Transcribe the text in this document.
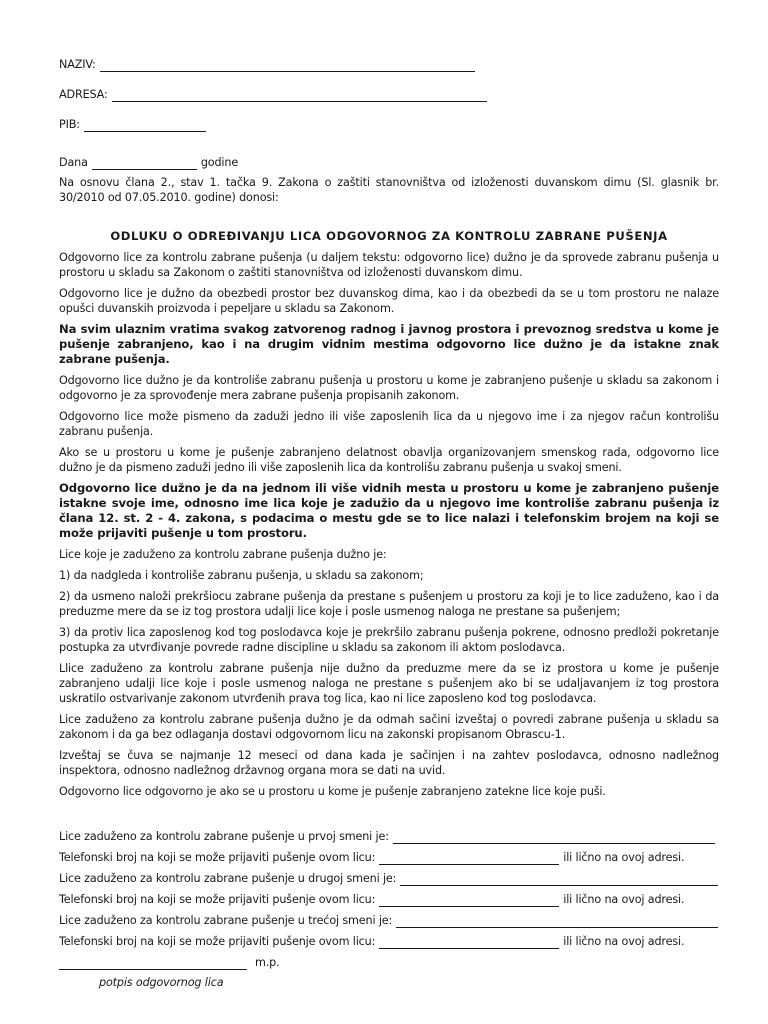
NAZIV:
ADRESA:
PIB:
Dana	godine

Na osnovu člana 2., stav 1. tačka 9. Zakona o zaštiti stanovništva od izloženosti duvanskom dimu (Sl. glasnik br. 30/2010 od 07.05.2010. godine) donosi:

ODLUKU O ODREĐIVANJU LICA ODGOVORNOG ZA KONTROLU ZABRANE PUŠENJA

Odgovorno lice za kontrolu zabrane pušenja (u daljem tekstu: odgovorno lice) dužno je da sprovede zabranu pušenja u prostoru u skladu sa Zakonom o zaštiti stanovništva od izloženosti duvanskom dimu.

Odgovorno lice je dužno da obezbedi prostor bez duvanskog dima, kao i da obezbedi da se u tom prostoru ne nalaze opušci duvanskih proizvoda i pepeljare u skladu sa Zakonom.

Na svim ulaznim vratima svakog zatvorenog radnog i javnog prostora i prevoznog sredstva u kome je pušenje zabranjeno, kao i na drugim vidnim mestima odgovorno lice dužno je da istakne znak zabrane pušenja.

Odgovorno lice dužno je da kontroliše zabranu pušenja u prostoru u kome je zabranjeno pušenje u skladu sa zakonom i odgovorno je za sprovođenje mera zabrane pušenja propisanih zakonom.

Odgovorno lice može pismeno da zaduži jedno ili više zaposlenih lica da u njegovo ime i za njegov račun kontrolišu zabranu pušenja.

Ako se u prostoru u kome je pušenje zabranjeno delatnost obavlja organizovanjem smenskog rada, odgovorno lice dužno je da pismeno zaduži jedno ili više zaposlenih lica da kontrolišu zabranu pušenja u svakoj smeni.

Odgovorno lice dužno je da na jednom ili više vidnih mesta u prostoru u kome je zabranjeno pušenje istakne svoje ime, odnosno ime lica koje je zadužio da u njegovo ime kontroliše zabranu pušenja iz člana 12. st. 2 - 4. zakona, s podacima o mestu gde se to lice nalazi i telefonskim brojem na koji se može prijaviti pušenje u tom prostoru.

Lice koje je zaduženo za kontrolu zabrane pušenja dužno je:

1) da nadgleda i kontroliše zabranu pušenja, u skladu sa zakonom;

2) da usmeno naloži prekršiocu zabrane pušenja da prestane s pušenjem u prostoru za koji je to lice zaduženo, kao i da preduzme mere da se iz tog prostora udalji lice koje i posle usmenog naloga ne prestane sa pušenjem;

3) da protiv lica zaposlenog kod tog poslodavca koje je prekršilo zabranu pušenja pokrene, odnosno predloži pokretanje postupka za utvrđivanje povrede radne discipline u skladu sa zakonom ili aktom poslodavca.

Llice zaduženo za kontrolu zabrane pušenja nije dužno da preduzme mere da se iz prostora u kome je pušenje zabranjeno udalji lice koje i posle usmenog naloga ne prestane s pušenjem ako bi se udaljavanjem iz tog prostora uskratilo ostvarivanje zakonom utvrđenih prava tog lica, kao ni lice zaposleno kod tog poslodavca.

Lice zaduženo za kontrolu zabrane pušenja dužno je da odmah sačini izveštaj o povredi zabrane pušenja u skladu sa zakonom i da ga bez odlaganja dostavi odgovornom licu na zakonski propisanom Obrascu-1.

Izveštaj se čuva se najmanje 12 meseci od dana kada je sačinjen i na zahtev poslodavca, odnosno nadležnog inspektora, odnosno nadležnog državnog organa mora se dati na uvid.

Odgovorno lice odgovorno je ako se u prostoru u kome je pušenje zabranjeno zatekne lice koje puši.

Lice zaduženo za kontrolu zabrane pušenje u prvoj smeni je:
Telefonski broj na koji se može prijaviti pušenje ovom licu:	ili lično na ovoj adresi.
Lice zaduženo za kontrolu zabrane pušenje u drugoj smeni je:
Telefonski broj na koji se može prijaviti pušenje ovom licu:	ili lično na ovoj adresi.
Lice zaduženo za kontrolu zabrane pušenje u trećoj smeni je:
Telefonski broj na koji se može prijaviti pušenje ovom licu:	ili lično na ovoj adresi.
m.p.
potpis odgovornog lica
